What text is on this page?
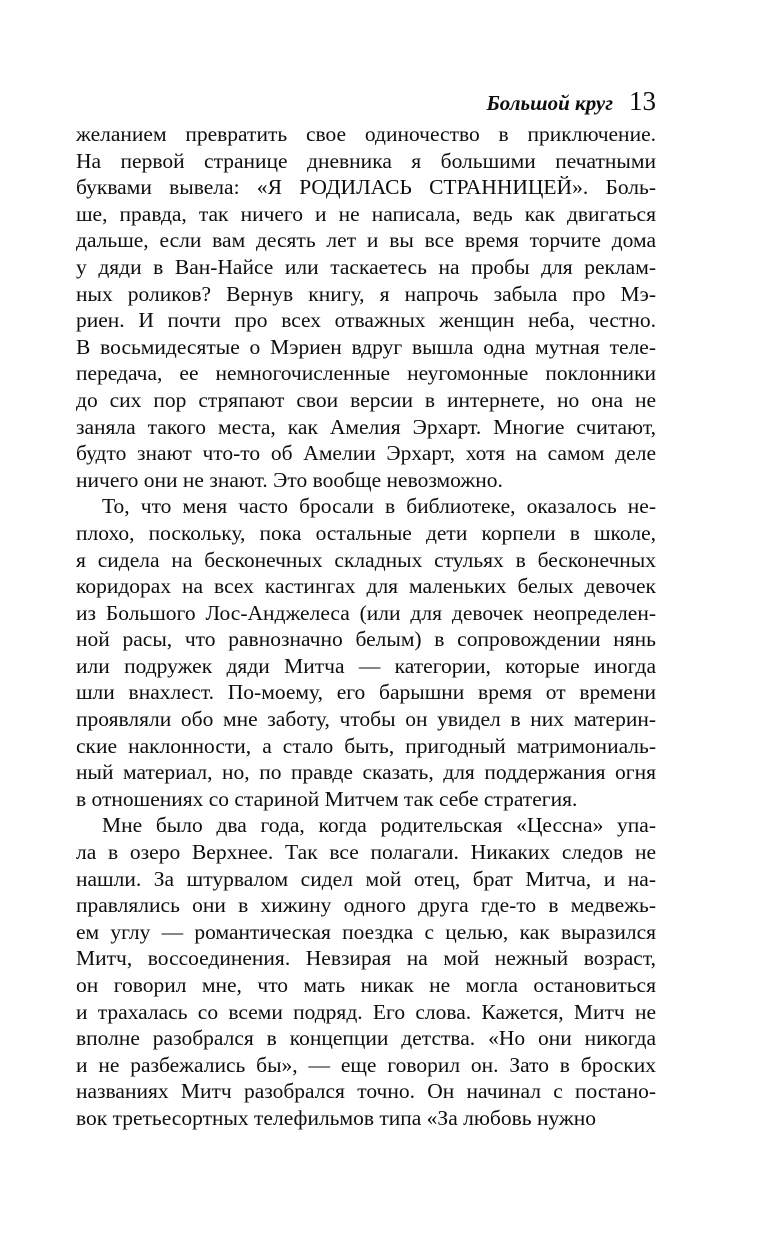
Большой круг 13
желанием превратить свое одиночество в приключение.
На первой странице дневника я большими печатными
буквами вывела: «Я РОДИЛАСЬ СТРАННИЦЕЙ». Боль-
ше, правда, так ничего и не написала, ведь как двигаться
дальше, если вам десять лет и вы все время торчите дома
у дяди в Ван-Найсе или таскаетесь на пробы для реклам-
ных роликов? Вернув книгу, я напрочь забыла про Мэ-
риен. И почти про всех отважных женщин неба, честно.
В восьмидесятые о Мэриен вдруг вышла одна мутная теле-
передача, ее немногочисленные неугомонные поклонники
до сих пор стряпают свои версии в интернете, но она не
заняла такого места, как Амелия Эрхарт. Многие считают,
будто знают что-то об Амелии Эрхарт, хотя на самом деле
ничего они не знают. Это вообще невозможно.
То, что меня часто бросали в библиотеке, оказалось не-
плохо, поскольку, пока остальные дети корпели в школе,
я сидела на бесконечных складных стульях в бесконечных
коридорах на всех кастингах для маленьких белых девочек
из Большого Лос-Анджелеса (или для девочек неопределен-
ной расы, что равнозначно белым) в сопровождении нянь
или подружек дяди Митча — категории, которые иногда
шли внахлест. По-моему, его барышни время от времени
проявляли обо мне заботу, чтобы он увидел в них материн-
ские наклонности, а стало быть, пригодный матримониаль-
ный материал, но, по правде сказать, для поддержания огня
в отношениях со стариной Митчем так себе стратегия.
Мне было два года, когда родительская «Цессна» упа-
ла в озеро Верхнее. Так все полагали. Никаких следов не
нашли. За штурвалом сидел мой отец, брат Митча, и на-
правлялись они в хижину одного друга где-то в медвежь-
ем углу — романтическая поездка с целью, как выразился
Митч, воссоединения. Невзирая на мой нежный возраст,
он говорил мне, что мать никак не могла остановиться
и трахалась со всеми подряд. Его слова. Кажется, Митч не
вполне разобрался в концепции детства. «Но они никогда
и не разбежались бы», — еще говорил он. Зато в броских
названиях Митч разобрался точно. Он начинал с постано-
вок третьесортных телефильмов типа «За любовь нужно
